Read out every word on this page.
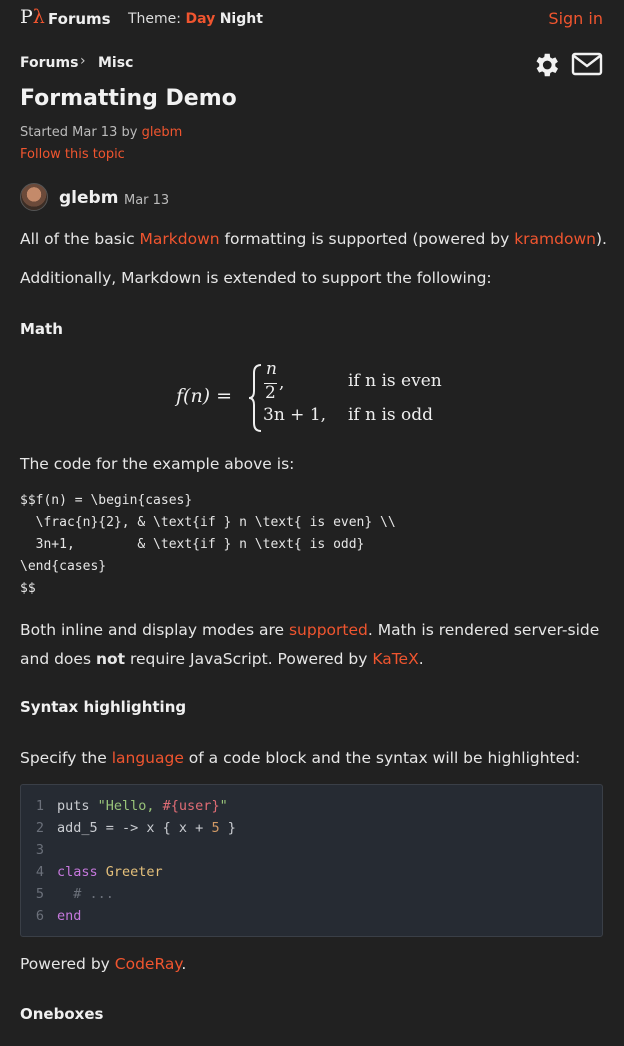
Pλ Forums Theme: Day Night	Sign in
Forums › Misc
Formatting Demo
Started Mar 13 by glebm
Follow this topic
glebm Mar 13
All of the basic Markdown formatting is supported (powered by kramdown).
Additionally, Markdown is extended to support the following:
Math
f(n) =
n
2 ,	if n is even
3n + 1, if n is odd
The code for the example above is:
$$f(n) = \begin{cases}
\frac{n}{2}, & \text{if } n \text{ is even} \\
3n+1,        & \text{if } n \text{ is odd}
\end{cases}
$$
Both inline and display modes are supported. Math is rendered server-side
and does not require JavaScript. Powered by KaTeX.
Syntax highlighting
Specify the language of a code block and the syntax will be highlighted:
1 puts "Hello, #{user}"
2 add_5 = -> x { x + 5 }
3
4 class Greeter
5  # ...
6 end
Powered by CodeRay.
Oneboxes
